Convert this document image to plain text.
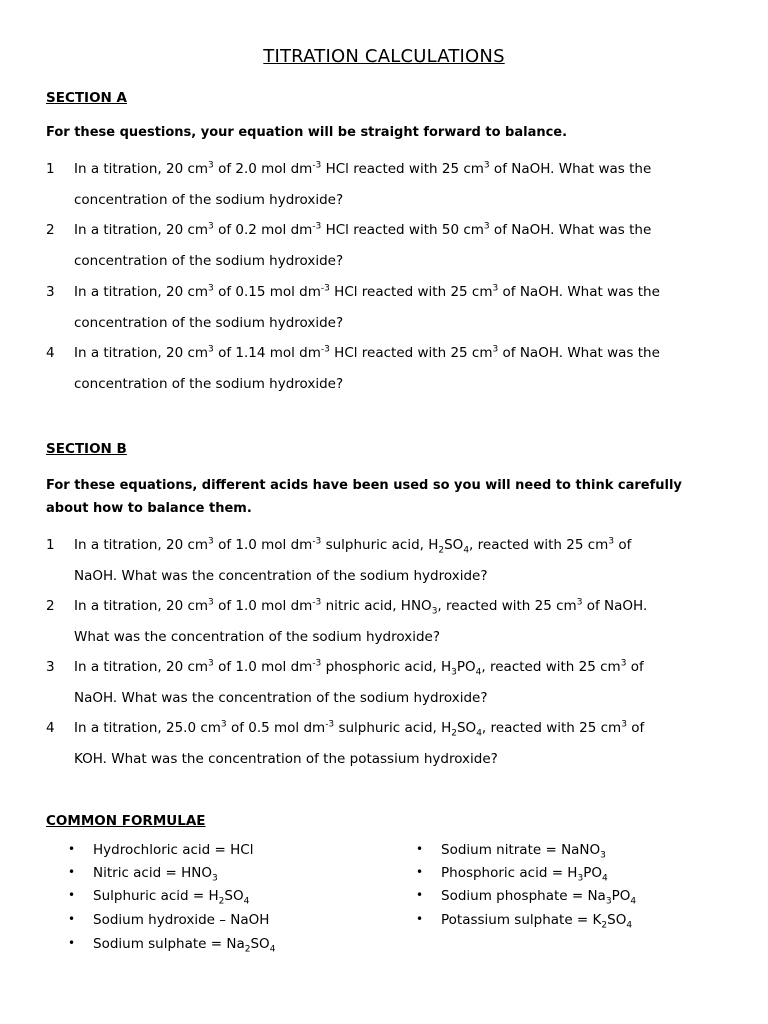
TITRATION CALCULATIONS
SECTION A
For these questions, your equation will be straight forward to balance.
1 In a titration, 20 $cm^3$ of 2.0 mol $dm^{-3}$ HCl reacted with 25 $cm^3$ of NaOH. What was the
concentration of the sodium hydroxide?
2 In a titration, 20 $cm^3$ of 0.2 mol $dm^{-3}$ HCl reacted with 50 $cm^3$ of NaOH. What was the
concentration of the sodium hydroxide?
3 In a titration, 20 $cm^3$ of 0.15 mol $dm^{-3}$ HCl reacted with 25 $cm^3$ of NaOH. What was the
concentration of the sodium hydroxide?
4 In a titration, 20 $cm^3$ of 1.14 mol $dm^{-3}$ HCl reacted with 25 $cm^3$ of NaOH. What was the
concentration of the sodium hydroxide?
SECTION B
For these equations, different acids have been used so you will need to think carefully about how to balance them.
1 In a titration, 20 $cm^3$ of 1.0 mol $dm^{-3}$ sulphuric acid, $H_2SO_4$, reacted with 25 $cm^3$ of
NaOH. What was the concentration of the sodium hydroxide?
2 In a titration, 20 $cm^3$ of 1.0 mol $dm^{-3}$ nitric acid, $HNO_3$, reacted with 25 $cm^3$ of NaOH.
What was the concentration of the sodium hydroxide?
3 In a titration, 20 $cm^3$ of 1.0 mol $dm^{-3}$ phosphoric acid, $H_3PO_4$, reacted with 25 $cm^3$ of
NaOH. What was the concentration of the sodium hydroxide?
4 In a titration, 25.0 $cm^3$ of 0.5 mol $dm^{-3}$ sulphuric acid, $H_2SO_4$, reacted with 25 $cm^3$ of
KOH. What was the concentration of the potassium hydroxide?
COMMON FORMULAE
• Hydrochloric acid = HCl
• Nitric acid = $HNO_3$
• Sulphuric acid = $H_2SO_4$
• Sodium hydroxide – NaOH
• Sodium sulphate = $Na_2SO_4$
• Sodium nitrate = NaNO$_3$
• Phosphoric acid = $H_3PO_4$
• Sodium phosphate = $Na_3PO_4$
• Potassium sulphate = $K_2SO_4$
